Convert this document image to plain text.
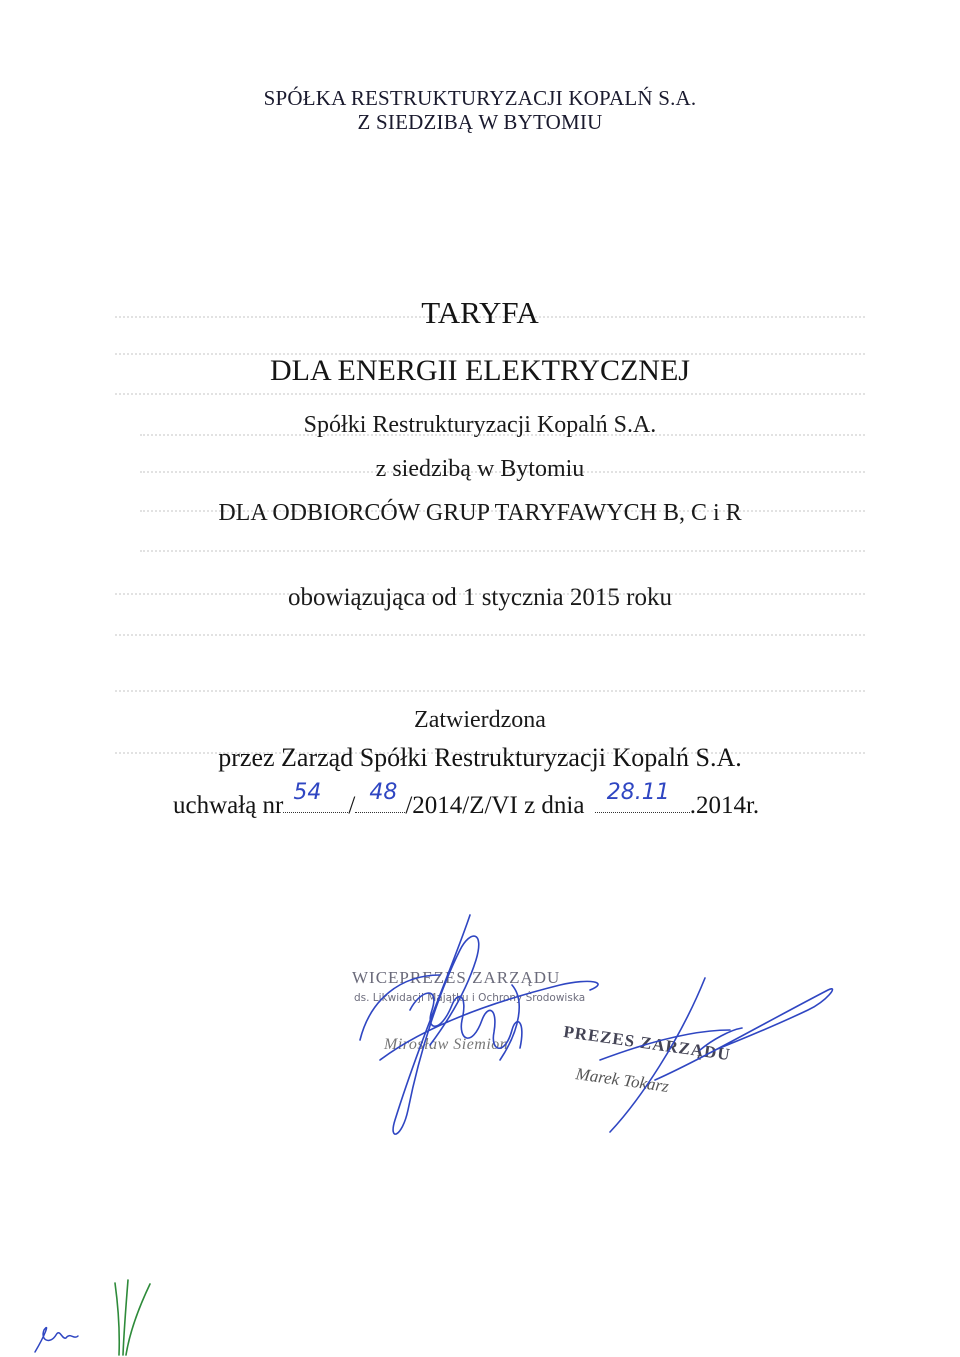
SPÓŁKA RESTRUKTURYZACJI KOPALŃ S.A.
Z SIEDZIBĄ W BYTOMIU
TARYFA
DLA ENERGII ELEKTRYCZNEJ
Spółki Restrukturyzacji Kopalń S.A.
z siedzibą w Bytomiu
DLA ODBIORCÓW GRUP TARYFAWYCH B, C i R
obowiązująca od 1 stycznia 2015 roku
Zatwierdzona
przez Zarząd Spółki Restrukturyzacji Kopalń S.A.
uchwałą nr 54 / 48 /2014/Z/VI z dnia 28.11 .2014r.
WICEPREZES ZARZĄDU
ds. Likwidacji Majątku i Ochrony Środowiska
Mirosław Siemion	PREZES ZARZĄDU
Marek Tokarz
